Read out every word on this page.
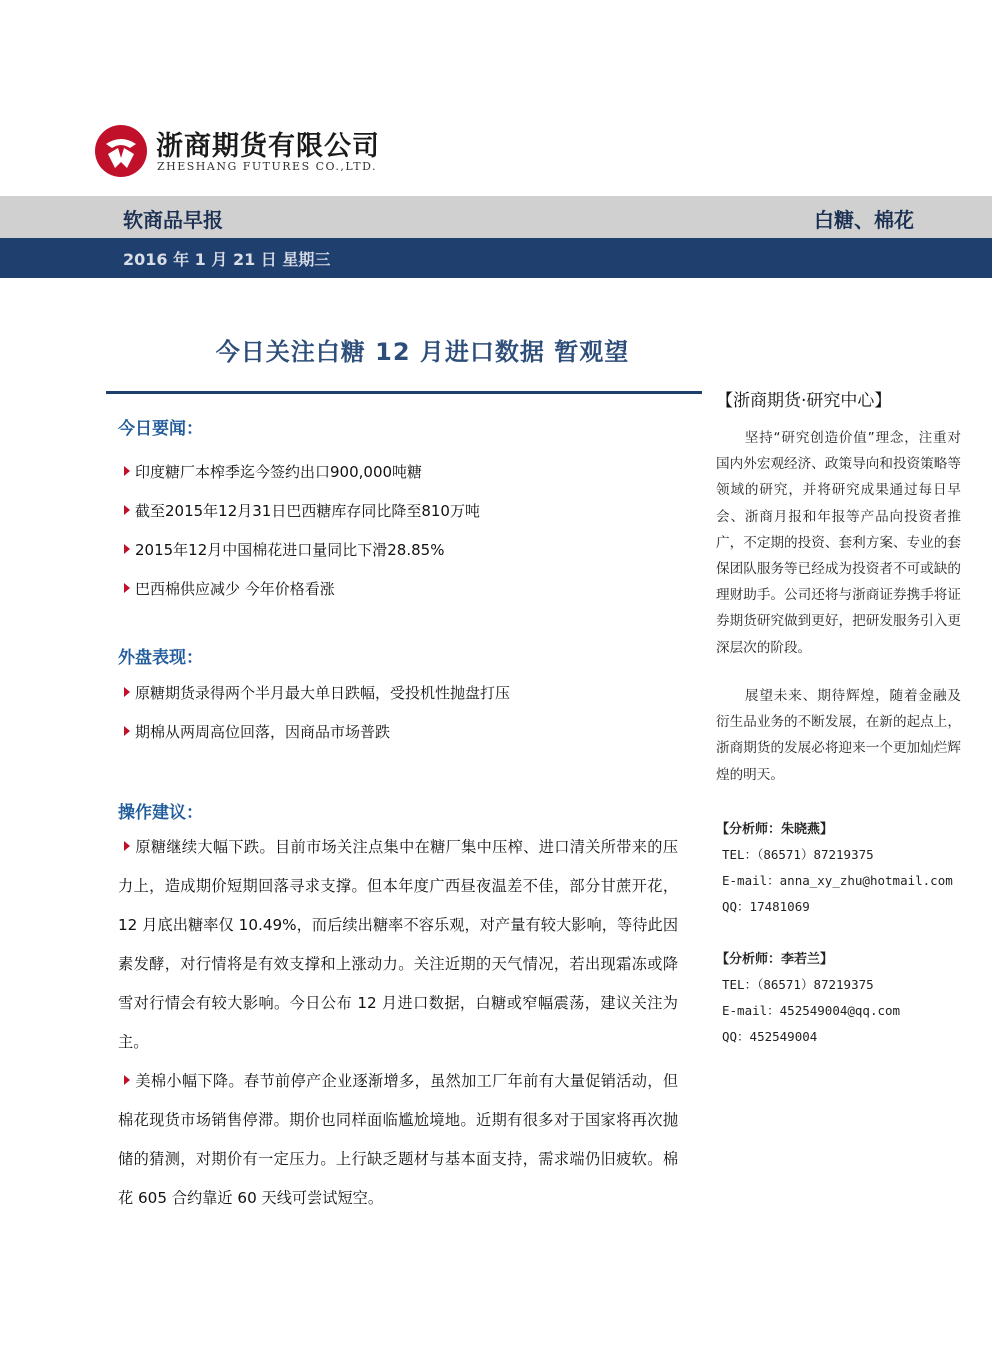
浙商期货有限公司
ZHESHANG FUTURES CO.,LTD.
软商品早报	白糖、棉花
2016 年 1 月 21 日 星期三
今日关注白糖 12 月进口数据 暂观望
今日要闻：
印度糖厂本榨季迄今签约出口900,000吨糖
截至2015年12月31日巴西糖库存同比降至810万吨
2015年12月中国棉花进口量同比下滑28.85%
巴西棉供应减少 今年价格看涨
外盘表现：
原糖期货录得两个半月最大单日跌幅，受投机性抛盘打压
期棉从两周高位回落，因商品市场普跌
操作建议：
原糖继续大幅下跌。目前市场关注点集中在糖厂集中压榨、进口清关所带来的压力上，造成期价短期回落寻求支撑。但本年度广西昼夜温差不佳，部分甘蔗开花，12 月底出糖率仅 10.49%，而后续出糖率不容乐观，对产量有较大影响，等待此因素发酵，对行情将是有效支撑和上涨动力。关注近期的天气情况，若出现霜冻或降雪对行情会有较大影响。今日公布 12 月进口数据，白糖或窄幅震荡，建议关注为主。
美棉小幅下降。春节前停产企业逐渐增多，虽然加工厂年前有大量促销活动，但棉花现货市场销售停滞。期价也同样面临尴尬境地。近期有很多对于国家将再次抛储的猜测，对期价有一定压力。上行缺乏题材与基本面支持，需求端仍旧疲软。棉花 605 合约靠近 60 天线可尝试短空。
【浙商期货·研究中心】
坚持“研究创造价值”理念，注重对国内外宏观经济、政策导向和投资策略等领域的研究，并将研究成果通过每日早会、浙商月报和年报等产品向投资者推广，不定期的投资、套利方案、专业的套保团队服务等已经成为投资者不可或缺的理财助手。公司还将与浙商证券携手将证券期货研究做到更好，把研发服务引入更深层次的阶段。
展望未来、期待辉煌，随着金融及衍生品业务的不断发展，在新的起点上，浙商期货的发展必将迎来一个更加灿烂辉煌的明天。
【分析师：朱晓燕】
TEL：（86571）87219375
E-mail：anna_xy_zhu@hotmail.com
QQ：17481069
【分析师：李若兰】
TEL：（86571）87219375
E-mail：452549004@qq.com
QQ：452549004
